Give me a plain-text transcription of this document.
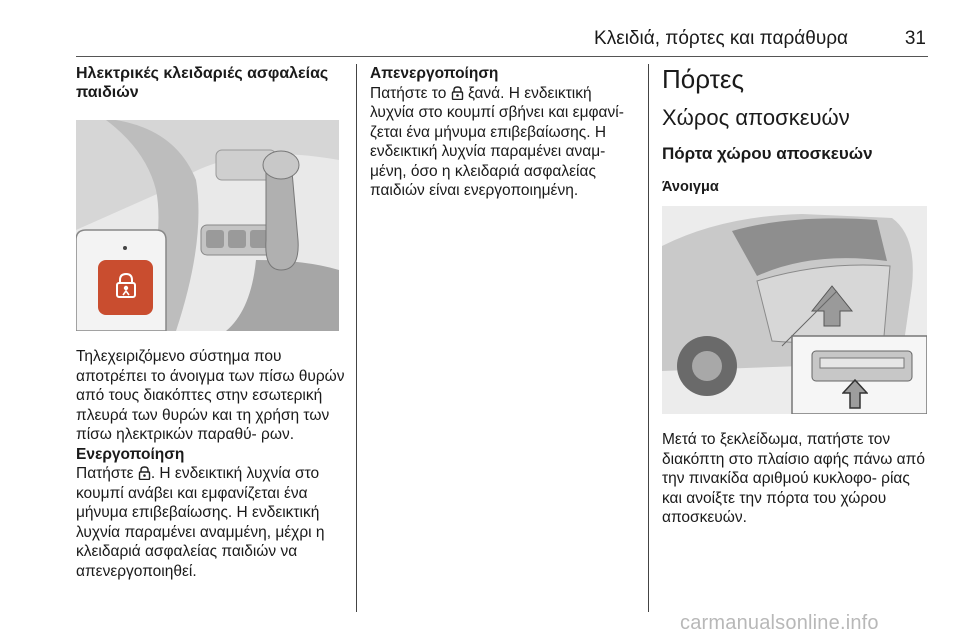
Κλειδιά, πόρτες και παράθυρα	31
Ηλεκτρικές κλειδαριές ασφαλείας παιδιών

Τηλεχειριζόμενο σύστημα που αποτρέπει το άνοιγμα των πίσω θυρών από τους διακόπτες στην εσωτερική πλευρά των θυρών και τη χρήση των πίσω ηλεκτρικών παραθύ- ρων.

Ενεργοποίηση

Πατήστε . Η ενδεικτική λυχνία στο κουμπί ανάβει και εμφανίζεται ένα μήνυμα επιβεβαίωσης. Η ενδεικτική λυχνία παραμένει αναμμένη, μέχρι η κλειδαριά ασφαλείας παιδιών να απενεργοποιηθεί.

Απενεργοποίηση

Πατήστε το  ξανά. Η ενδεικτική λυχνία στο κουμπί σβήνει και εμφανί- ζεται ένα μήνυμα επιβεβαίωσης. Η ενδεικτική λυχνία παραμένει αναμ- μένη, όσο η κλειδαριά ασφαλείας παιδιών είναι ενεργοποιημένη.

Πόρτες
Χώρος αποσκευών
Πόρτα χώρου αποσκευών
Άνοιγμα

Μετά το ξεκλείδωμα, πατήστε τον διακόπτη στο πλαίσιο αφής πάνω από την πινακίδα αριθμού κυκλοφο- ρίας και ανοίξτε την πόρτα του χώρου αποσκευών.

carmanualsonline.info
